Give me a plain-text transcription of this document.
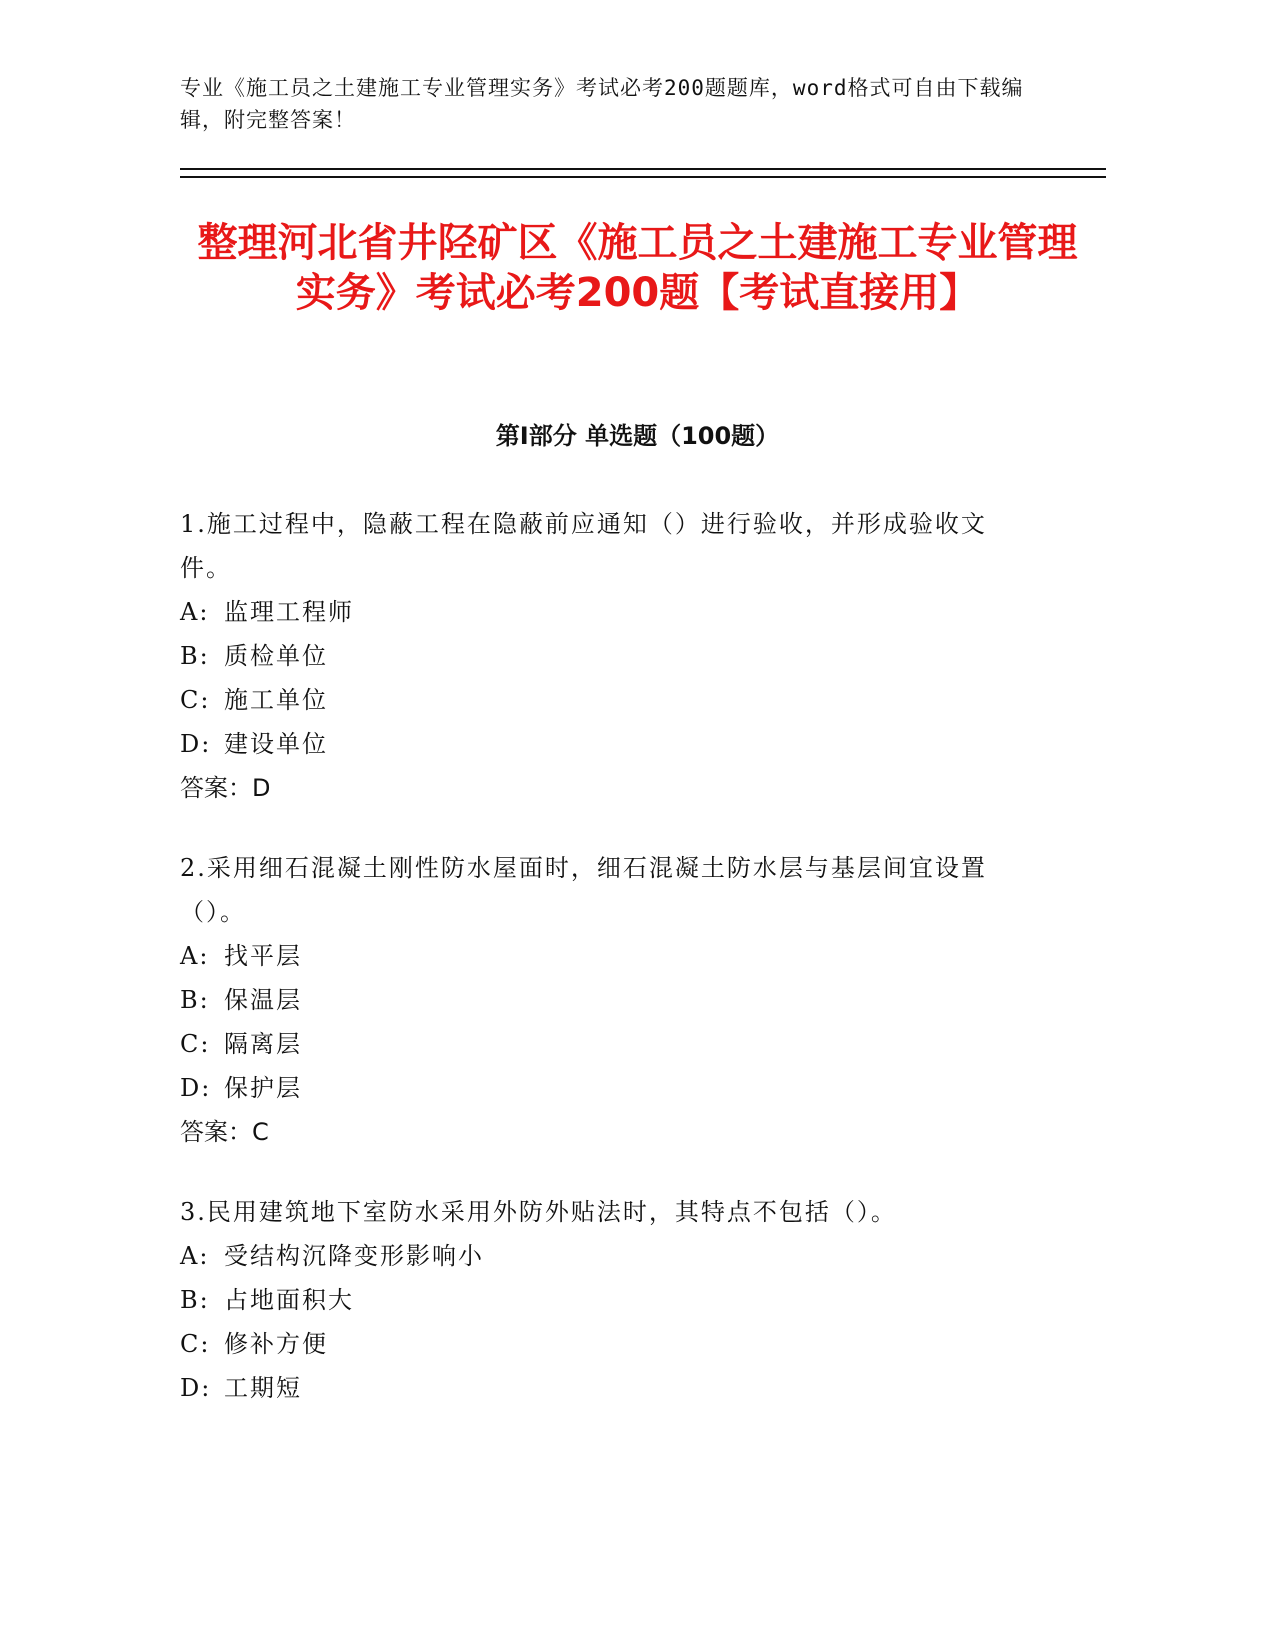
专业《施工员之土建施工专业管理实务》考试必考200题题库，word格式可自由下载编辑，附完整答案！
整理河北省井陉矿区《施工员之土建施工专业管理实务》考试必考200题【考试直接用】
第I部分 单选题（100题）
1.施工过程中，隐蔽工程在隐蔽前应通知（）进行验收，并形成验收文件。
A: 监理工程师
B: 质检单位
C: 施工单位
D: 建设单位
答案：D
2.采用细石混凝土刚性防水屋面时，细石混凝土防水层与基层间宜设置（）。
A: 找平层
B: 保温层
C: 隔离层
D: 保护层
答案：C
3.民用建筑地下室防水采用外防外贴法时，其特点不包括（）。
A: 受结构沉降变形影响小
B: 占地面积大
C: 修补方便
D: 工期短
